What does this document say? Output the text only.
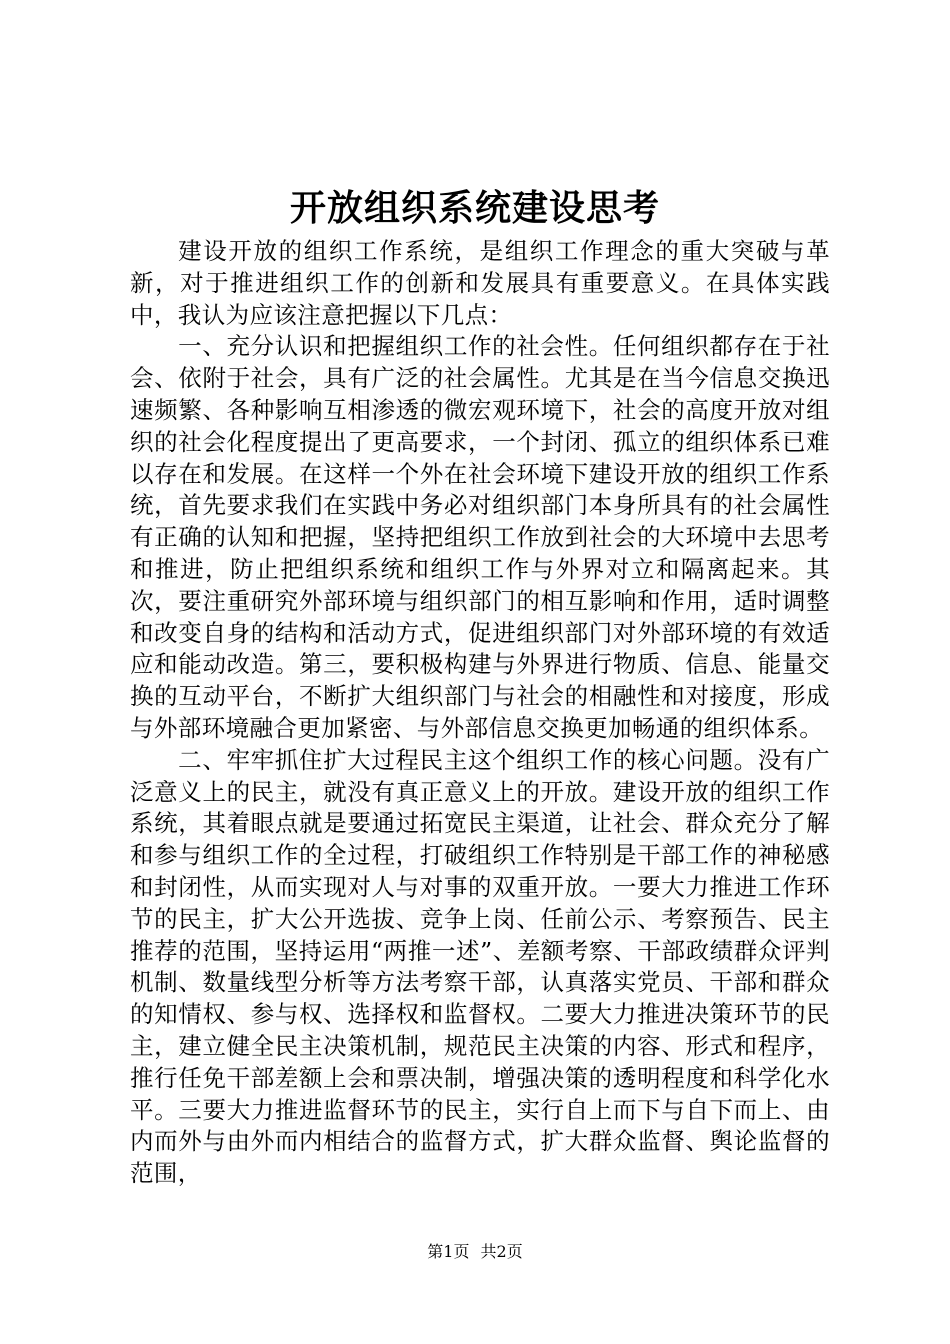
开放组织系统建设思考

建设开放的组织工作系统，是组织工作理念的重大突破与革新，对于推进组织工作的创新和发展具有重要意义。在具体实践中，我认为应该注意把握以下几点：

一、充分认识和把握组织工作的社会性。任何组织都存在于社会、依附于社会，具有广泛的社会属性。尤其是在当今信息交换迅速频繁、各种影响互相渗透的微宏观环境下，社会的高度开放对组织的社会化程度提出了更高要求，一个封闭、孤立的组织体系已难以存在和发展。在这样一个外在社会环境下建设开放的组织工作系统，首先要求我们在实践中务必对组织部门本身所具有的社会属性有正确的认知和把握，坚持把组织工作放到社会的大环境中去思考和推进，防止把组织系统和组织工作与外界对立和隔离起来。其次，要注重研究外部环境与组织部门的相互影响和作用，适时调整和改变自身的结构和活动方式，促进组织部门对外部环境的有效适应和能动改造。第三，要积极构建与外界进行物质、信息、能量交换的互动平台，不断扩大组织部门与社会的相融性和对接度，形成与外部环境融合更加紧密、与外部信息交换更加畅通的组织体系。

二、牢牢抓住扩大过程民主这个组织工作的核心问题。没有广泛意义上的民主，就没有真正意义上的开放。建设开放的组织工作系统，其着眼点就是要通过拓宽民主渠道，让社会、群众充分了解和参与组织工作的全过程，打破组织工作特别是干部工作的神秘感和封闭性，从而实现对人与对事的双重开放。一要大力推进工作环节的民主，扩大公开选拔、竞争上岗、任前公示、考察预告、民主推荐的范围，坚持运用“两推一述”、差额考察、干部政绩群众评判机制、数量线型分析等方法考察干部，认真落实党员、干部和群众的知情权、参与权、选择权和监督权。二要大力推进决策环节的民主，建立健全民主决策机制，规范民主决策的内容、形式和程序，推行任免干部差额上会和票决制，增强决策的透明程度和科学化水平。三要大力推进监督环节的民主，实行自上而下与自下而上、由内而外与由外而内相结合的监督方式，扩大群众监督、舆论监督的范围，

第1页 共2页
